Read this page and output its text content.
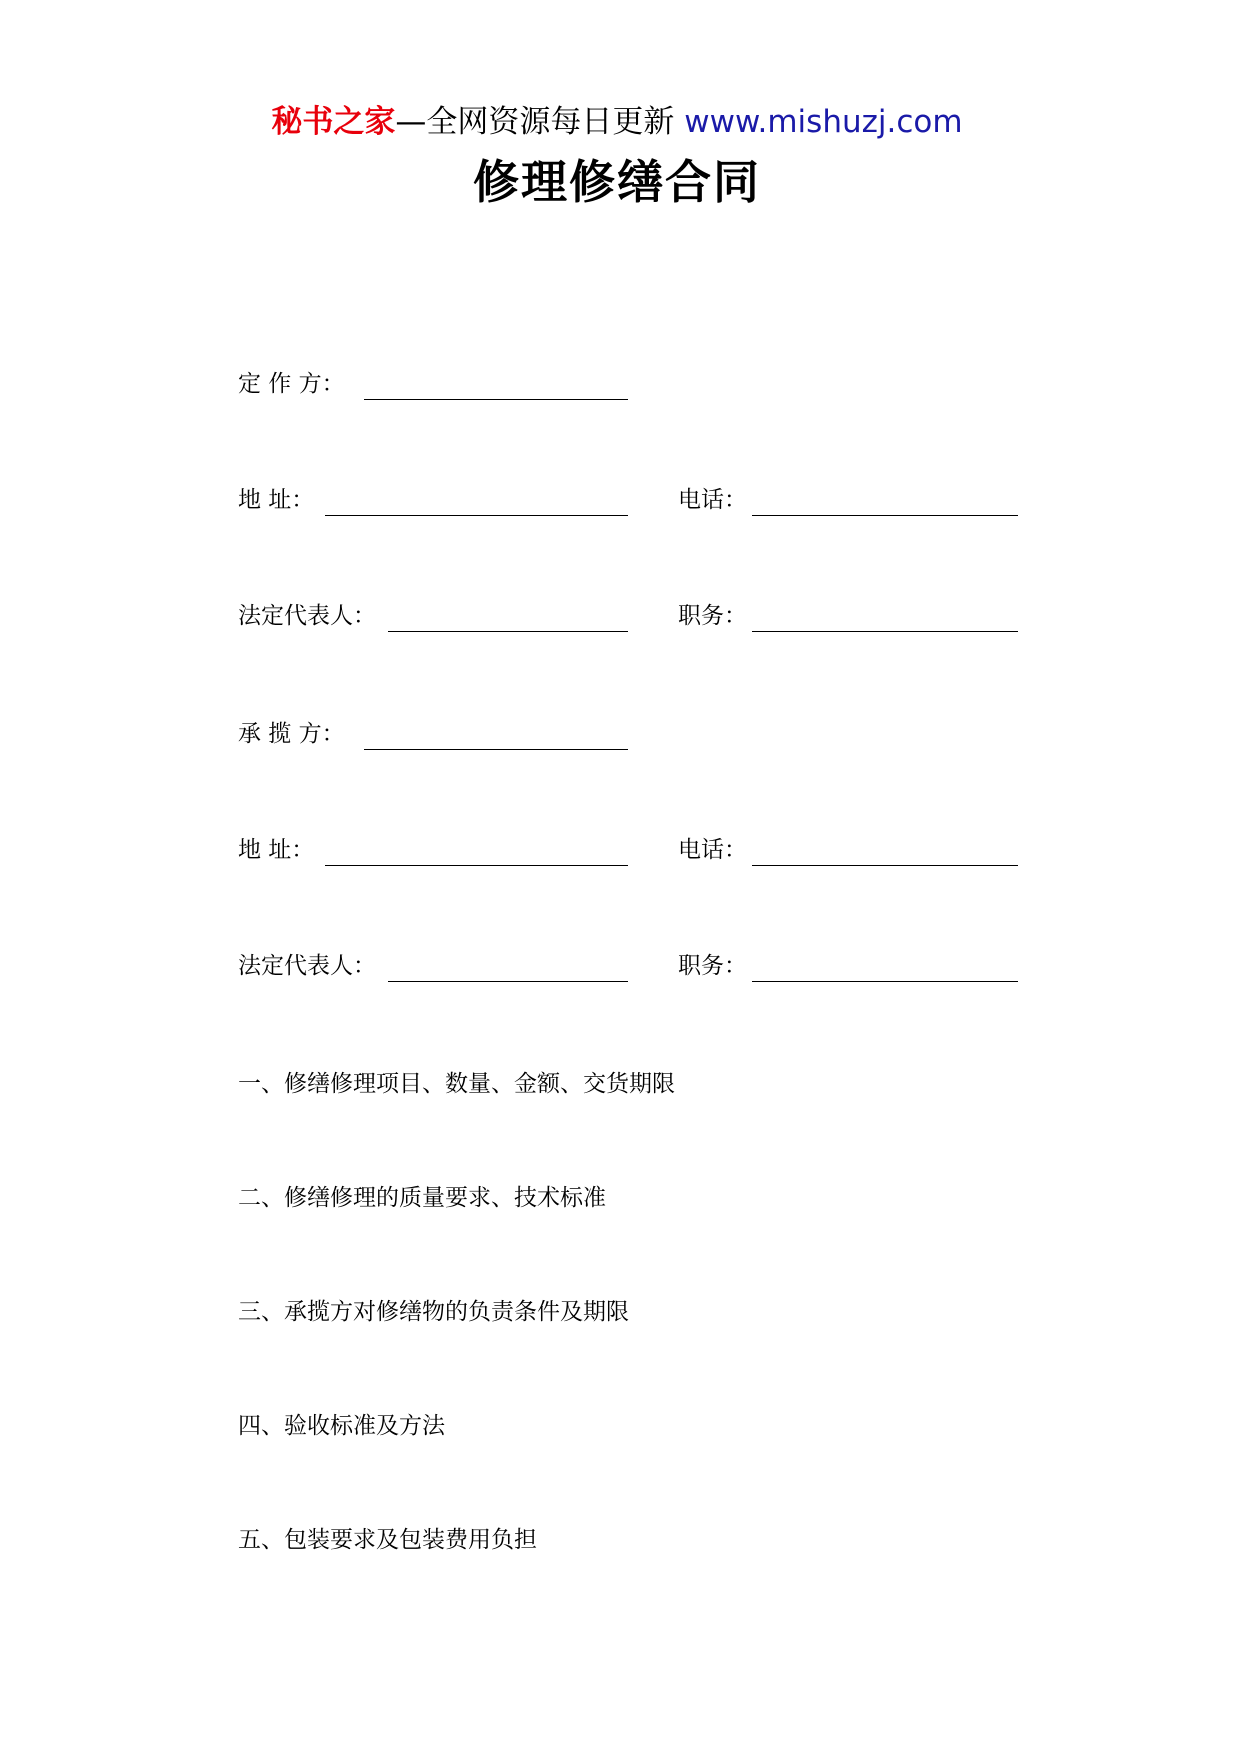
秘书之家—全网资源每日更新 www.mishuzj.com
修理修缮合同
定 作 方：
地 址：	电话：
法定代表人：	职务：
承 揽 方：
地 址：	电话：
法定代表人：	职务：
一、修缮修理项目、数量、金额、交货期限
二、修缮修理的质量要求、技术标准
三、承揽方对修缮物的负责条件及期限
四、验收标准及方法
五、包装要求及包装费用负担
